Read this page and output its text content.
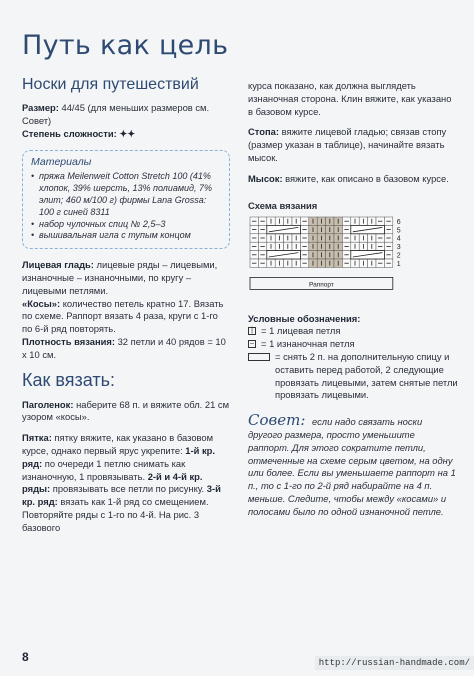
Путь как цель
Носки для путешествий

Размер: 44/45 (для меньших размеров см. Совет)

Степень сложности: ✦✦

Материалы
• пряжа Meilenweit Cotton Stretch 100 (41% хлопок, 39% шерсть, 13% полиамид, 7% элит; 460 м/100 г) фирмы Lana Grossa: 100 г синей 8311
• набор чулочных спиц № 2,5–3
• вышивальная игла с тупым концом

Лицевая гладь: лицевые ряды – лицевыми, изнаночные – изнаночными, по кругу – лицевыми петлями.

«Косы»: количество петель кратно 17. Вязать по схеме. Раппорт вязать 4 раза, круги с 1-го по 6-й ряд повторять.

Плотность вязания: 32 петли и 40 рядов = 10 х 10 см.

Как вязать:

Паголенок: наберите 68 п. и вяжите обл. 21 см узором «косы».

Пятка: пятку вяжите, как указано в базовом курсе, однако первый ярус укрепите: 1-й кр. ряд: по очереди 1 петлю снимать как изнаночную, 1 провязывать. 2-й и 4-й кр. ряды: провязывать все петли по рисунку. 3-й кр. ряд: вязать как 1-й ряд со смещением. Повторяйте ряды с 1-го по 4-й. На рис. 3 базового

курса показано, как должна выглядеть изнаночная сторона. Клин вяжите, как указано в базовом курсе.

Стопа: вяжите лицевой гладью; связав стопу (размер указан в таблице), начинайте вязать мысок.

Мысок: вяжите, как описано в базовом курсе.

Схема вязания
6
5
4
3
2
1
Раппорт

Условные обозначения:

| = 1 лицевая петля
– = 1 изнаночная петля
= снять 2 п. на дополнительную спицу и оставить перед работой, 2 следующие провязать лицевыми, затем снятые петли провязать лицевыми.
Совет: если надо связать носки другого размера, просто уменьшите раппорт. Для этого сократите петли, отмеченные на схеме серым цветом, на одну или более. Если вы уменьшаете раппорт на 1 п., то с 1-го по 2-й ряд набирайте на 4 п. меньше. Следите, чтобы между «косами» и полосами было по одной изнаночной петле.
8	http://russian-handmade.com/
